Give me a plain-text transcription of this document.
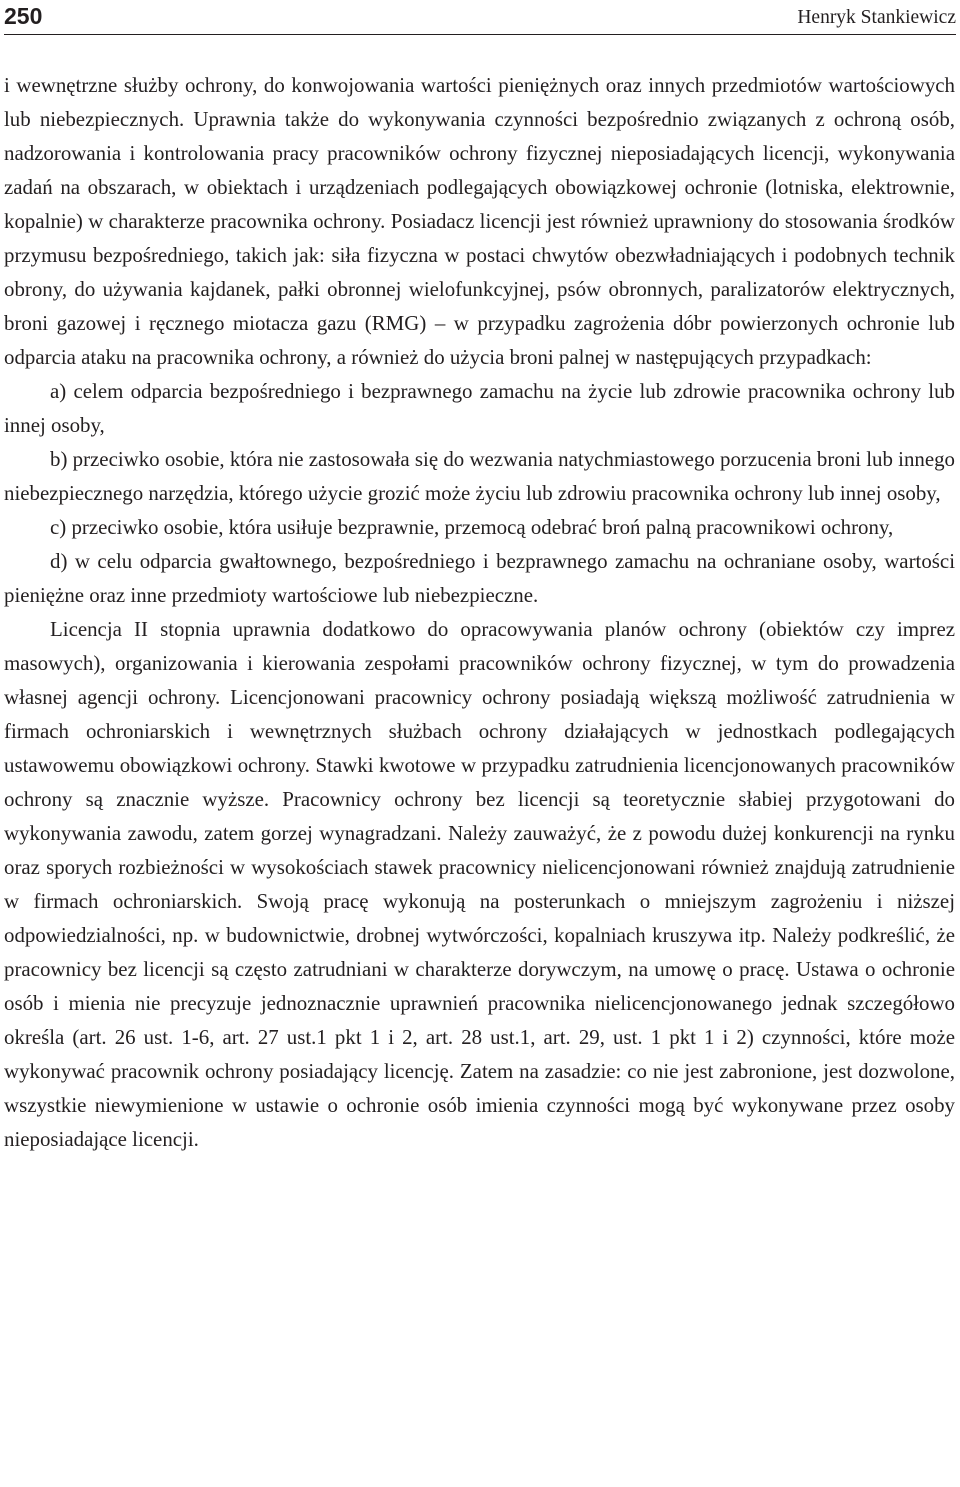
250	Henryk Stankiewicz

i wewnętrzne służby ochrony, do konwojowania wartości pieniężnych oraz innych przedmiotów wartościowych lub niebezpiecznych. Uprawnia także do wykonywania czynności bezpośrednio związanych z ochroną osób, nadzorowania i kontrolowania pracy pracowników ochrony fizycznej nieposiadających licencji, wykonywania zadań na obszarach, w obiektach i urządzeniach podlegających obowiązkowej ochronie (lotniska, elektrownie, kopalnie) w charakterze pracownika ochrony. Posiadacz licencji jest również uprawniony do stosowania środków przymusu bezpośredniego, takich jak: siła fizyczna w postaci chwytów obezwładniających i podobnych technik obrony, do używania kajdanek, pałki obronnej wielofunkcyjnej, psów obronnych, paralizatorów elektrycznych, broni gazowej i ręcznego miotacza gazu (RMG) – w przypadku zagrożenia dóbr powierzonych ochronie lub odparcia ataku na pracownika ochrony, a również do użycia broni palnej w następujących przypadkach:

a) celem odparcia bezpośredniego i bezprawnego zamachu na życie lub zdrowie pracownika ochrony lub innej osoby,

b) przeciwko osobie, która nie zastosowała się do wezwania natychmiastowego porzucenia broni lub innego niebezpiecznego narzędzia, którego użycie grozić może życiu lub zdrowiu pracownika ochrony lub innej osoby,

c) przeciwko osobie, która usiłuje bezprawnie, przemocą odebrać broń palną pracownikowi ochrony,

d) w celu odparcia gwałtownego, bezpośredniego i bezprawnego zamachu na ochraniane osoby, wartości pieniężne oraz inne przedmioty wartościowe lub niebezpieczne.

Licencja II stopnia uprawnia dodatkowo do opracowywania planów ochrony (obiektów czy imprez masowych), organizowania i kierowania zespołami pracowników ochrony fizycznej, w tym do prowadzenia własnej agencji ochrony. Licencjonowani pracownicy ochrony posiadają większą możliwość zatrudnienia w firmach ochroniarskich i wewnętrznych służbach ochrony działających w jednostkach podlegających ustawowemu obowiązkowi ochrony. Stawki kwotowe w przypadku zatrudnienia licencjonowanych pracowników ochrony są znacznie wyższe. Pracownicy ochrony bez licencji są teoretycznie słabiej przygotowani do wykonywania zawodu, zatem gorzej wynagradzani. Należy zauważyć, że z powodu dużej konkurencji na rynku oraz sporych rozbieżności w wysokościach stawek pracownicy nielicencjonowani również znajdują zatrudnienie w firmach ochroniarskich. Swoją pracę wykonują na posterunkach o mniejszym zagrożeniu i niższej odpowiedzialności, np. w budownictwie, drobnej wytwórczości, kopalniach kruszywa itp. Należy podkreślić, że pracownicy bez licencji są często zatrudniani w charakterze dorywczym, na umowę o pracę. Ustawa o ochronie osób i mienia nie precyzuje jednoznacznie uprawnień pracownika nielicencjonowanego jednak szczegółowo określa (art. 26 ust. 1-6, art. 27 ust.1 pkt 1 i 2, art. 28 ust.1, art. 29, ust. 1 pkt 1 i 2) czynności, które może wykonywać pracownik ochrony posiadający licencję. Zatem na zasadzie: co nie jest zabronione, jest dozwolone, wszystkie niewymienione w ustawie o ochronie osób imienia czynności mogą być wykonywane przez osoby nieposiadające licencji.
